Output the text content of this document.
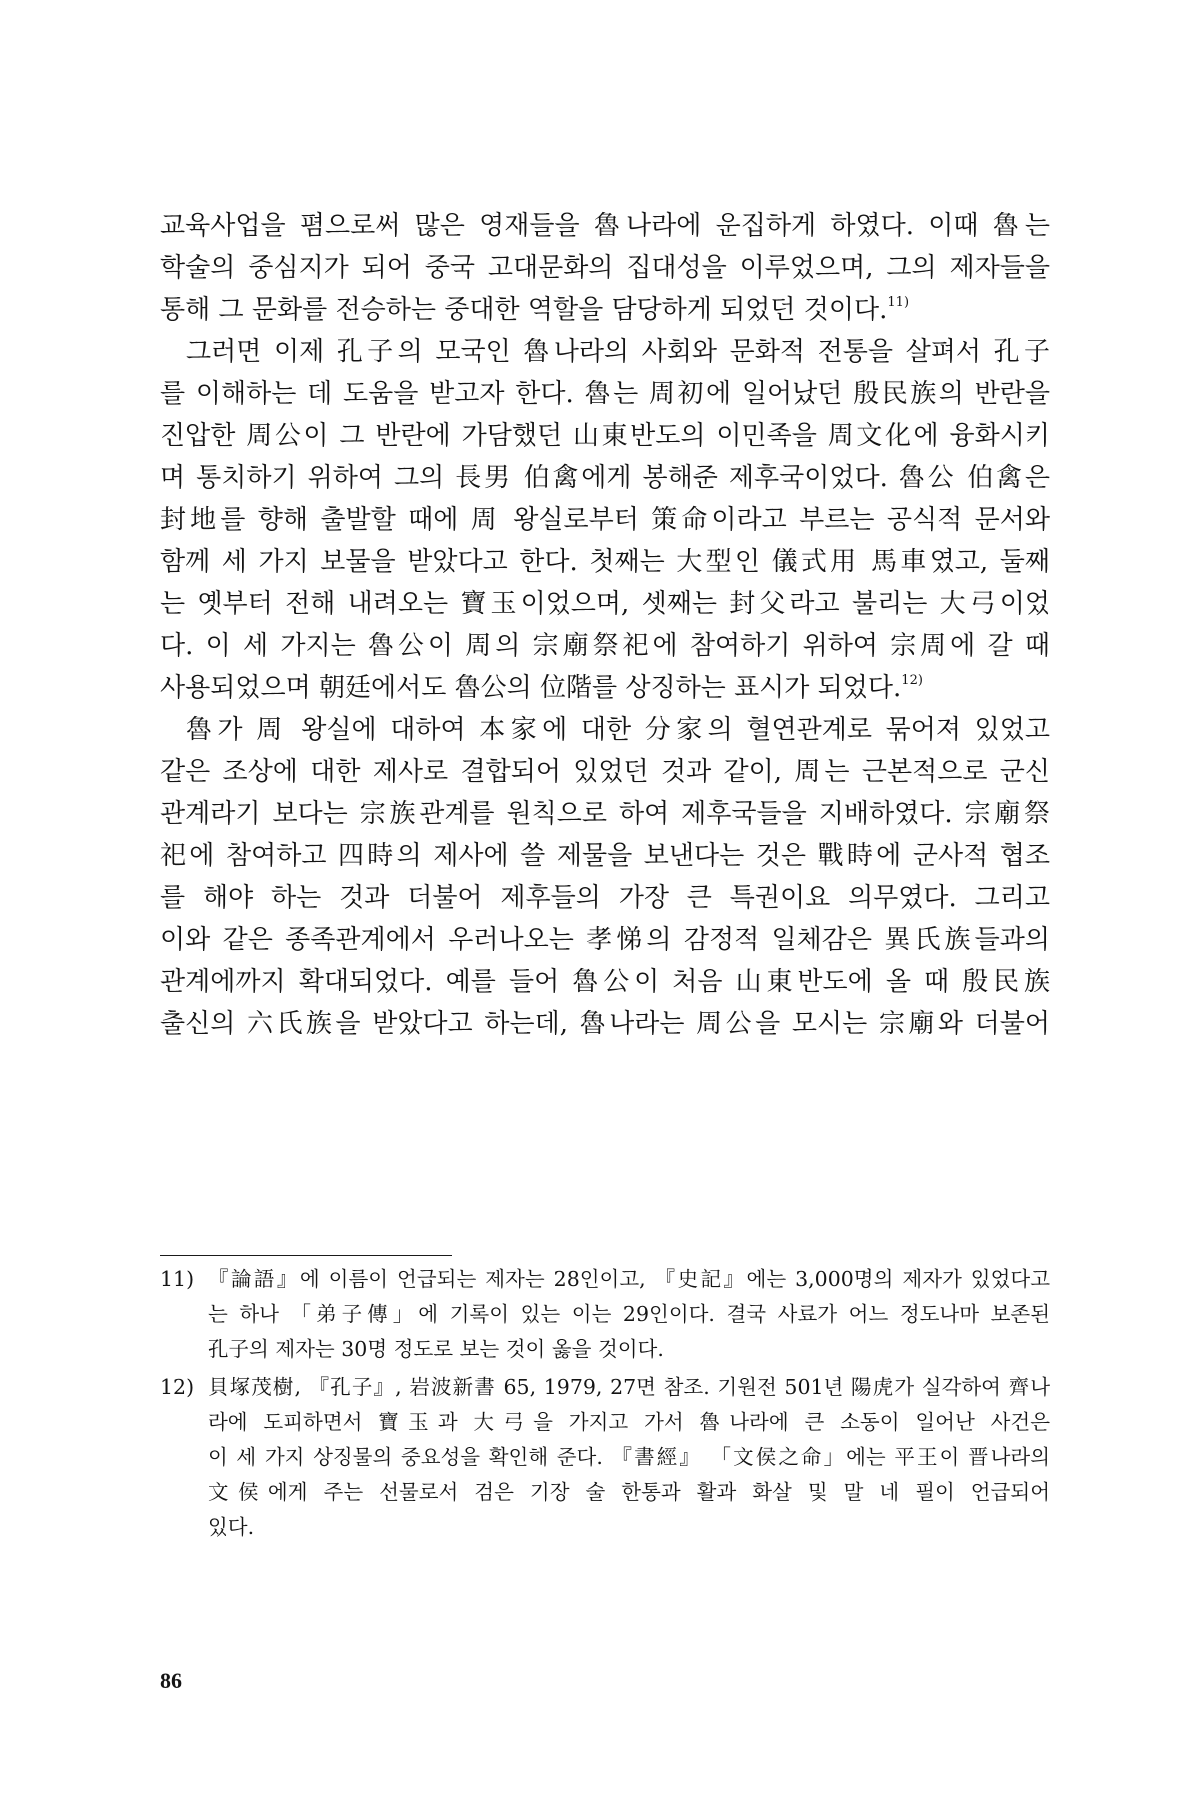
교육사업을 폄으로써 많은 영재들을 魯나라에 운집하게 하였다. 이때 魯는
학술의 중심지가 되어 중국 고대문화의 집대성을 이루었으며, 그의 제자들을
통해 그 문화를 전승하는 중대한 역할을 담당하게 되었던 것이다.$^{11)}$
그러면 이제 孔子의 모국인 魯나라의 사회와 문화적 전통을 살펴서 孔子
를 이해하는 데 도움을 받고자 한다. 魯는 周初에 일어났던 殷民族의 반란을
진압한 周公이 그 반란에 가담했던 山東반도의 이민족을 周文化에 융화시키
며 통치하기 위하여 그의 長男 伯禽에게 봉해준 제후국이었다. 魯公 伯禽은
封地를 향해 출발할 때에 周 왕실로부터 策命이라고 부르는 공식적 문서와
함께 세 가지 보물을 받았다고 한다. 첫째는 大型인 儀式用 馬車였고, 둘째
는 옛부터 전해 내려오는 寶玉이었으며, 셋째는 封父라고 불리는 大弓이었
다. 이 세 가지는 魯公이 周의 宗廟祭祀에 참여하기 위하여 宗周에 갈 때
사용되었으며 朝廷에서도 魯公의 位階를 상징하는 표시가 되었다.$^{12)}$
魯가 周 왕실에 대하여 本家에 대한 分家의 혈연관계로 묶어져 있었고
같은 조상에 대한 제사로 결합되어 있었던 것과 같이, 周는 근본적으로 군신
관계라기 보다는 宗族관계를 원칙으로 하여 제후국들을 지배하였다. 宗廟祭
祀에 참여하고 四時의 제사에 쓸 제물을 보낸다는 것은 戰時에 군사적 협조
를 해야 하는 것과 더불어 제후들의 가장 큰 특권이요 의무였다. 그리고
이와 같은 종족관계에서 우러나오는 孝悌의 감정적 일체감은 異氏族들과의
관계에까지 확대되었다. 예를 들어 魯公이 처음 山東반도에 올 때 殷民族
출신의 六氏族을 받았다고 하는데, 魯나라는 周公을 모시는 宗廟와 더불어
11) 『論語』에 이름이 언급되는 제자는 28인이고, 『史記』에는 3,000명의 제자가 있었다고
는 하나 「弟子傳」에 기록이 있는 이는 29인이다. 결국 사료가 어느 정도나마 보존된
孔子의 제자는 30명 정도로 보는 것이 옳을 것이다.
12) 貝塚茂樹, 『孔子』, 岩波新書 65, 1979, 27면 참조. 기원전 501년 陽虎가 실각하여 齊나
라에 도피하면서 寶玉과 大弓을 가지고 가서 魯나라에 큰 소동이 일어난 사건은
이 세 가지 상징물의 중요성을 확인해 준다. 『書經』 「文侯之命」에는 平王이 晋나라의
文侯에게 주는 선물로서 검은 기장 술 한통과 활과 화살 및 말 네 필이 언급되어
있다.
86
